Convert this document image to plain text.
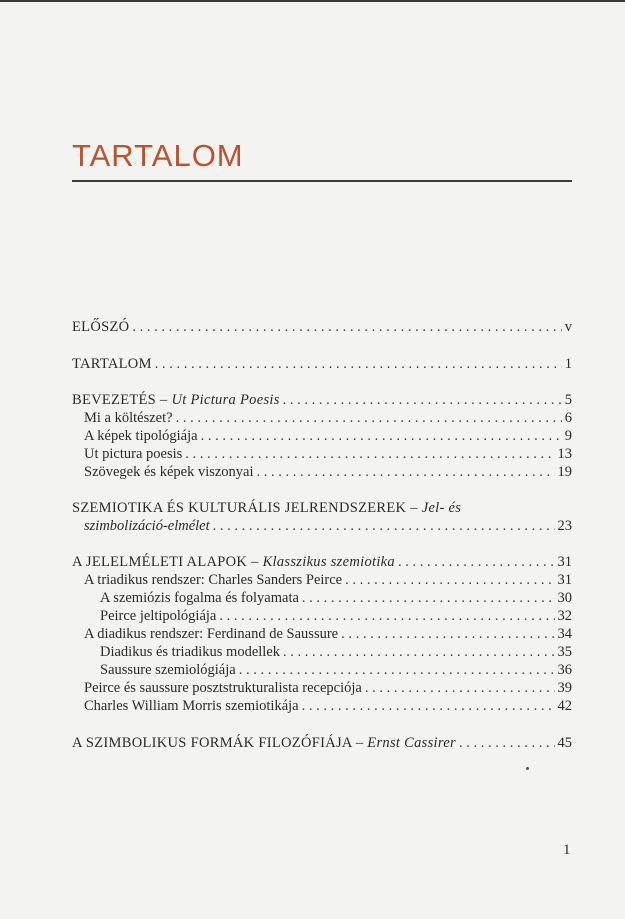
TARTALOM
ELŐSZÓ . . .	v
TARTALOM . . .	1
BEVEZETÉS – Ut Pictura Poesis . . .	5
Mi a költészet? . . .	6
A képek tipológiája . . .	9
Ut pictura poesis . . .	13
Szövegek és képek viszonyai . . .	19
SZEMIOTIKA ÉS KULTURÁLIS JELRENDSZEREK – Jel- és
szimbolizáció-elmélet . . .	23
A JELELMÉLETI ALAPOK – Klasszikus szemiotika . . .	31
A triadikus rendszer: Charles Sanders Peirce . . .	31
A szemiózis fogalma és folyamata . . .	30
Peirce jeltipológiája . . .	32
A diadikus rendszer: Ferdinand de Saussure . . .	34
Diadikus és triadikus modellek . . .	35
Saussure szemiológiája . . .	36
Peirce és saussure posztstrukturalista recepciója . . .	39
Charles William Morris szemiotikája . . .	42
A SZIMBOLIKUS FORMÁK FILOZÓFIÁJA – Ernst Cassirer . . .	45
1
